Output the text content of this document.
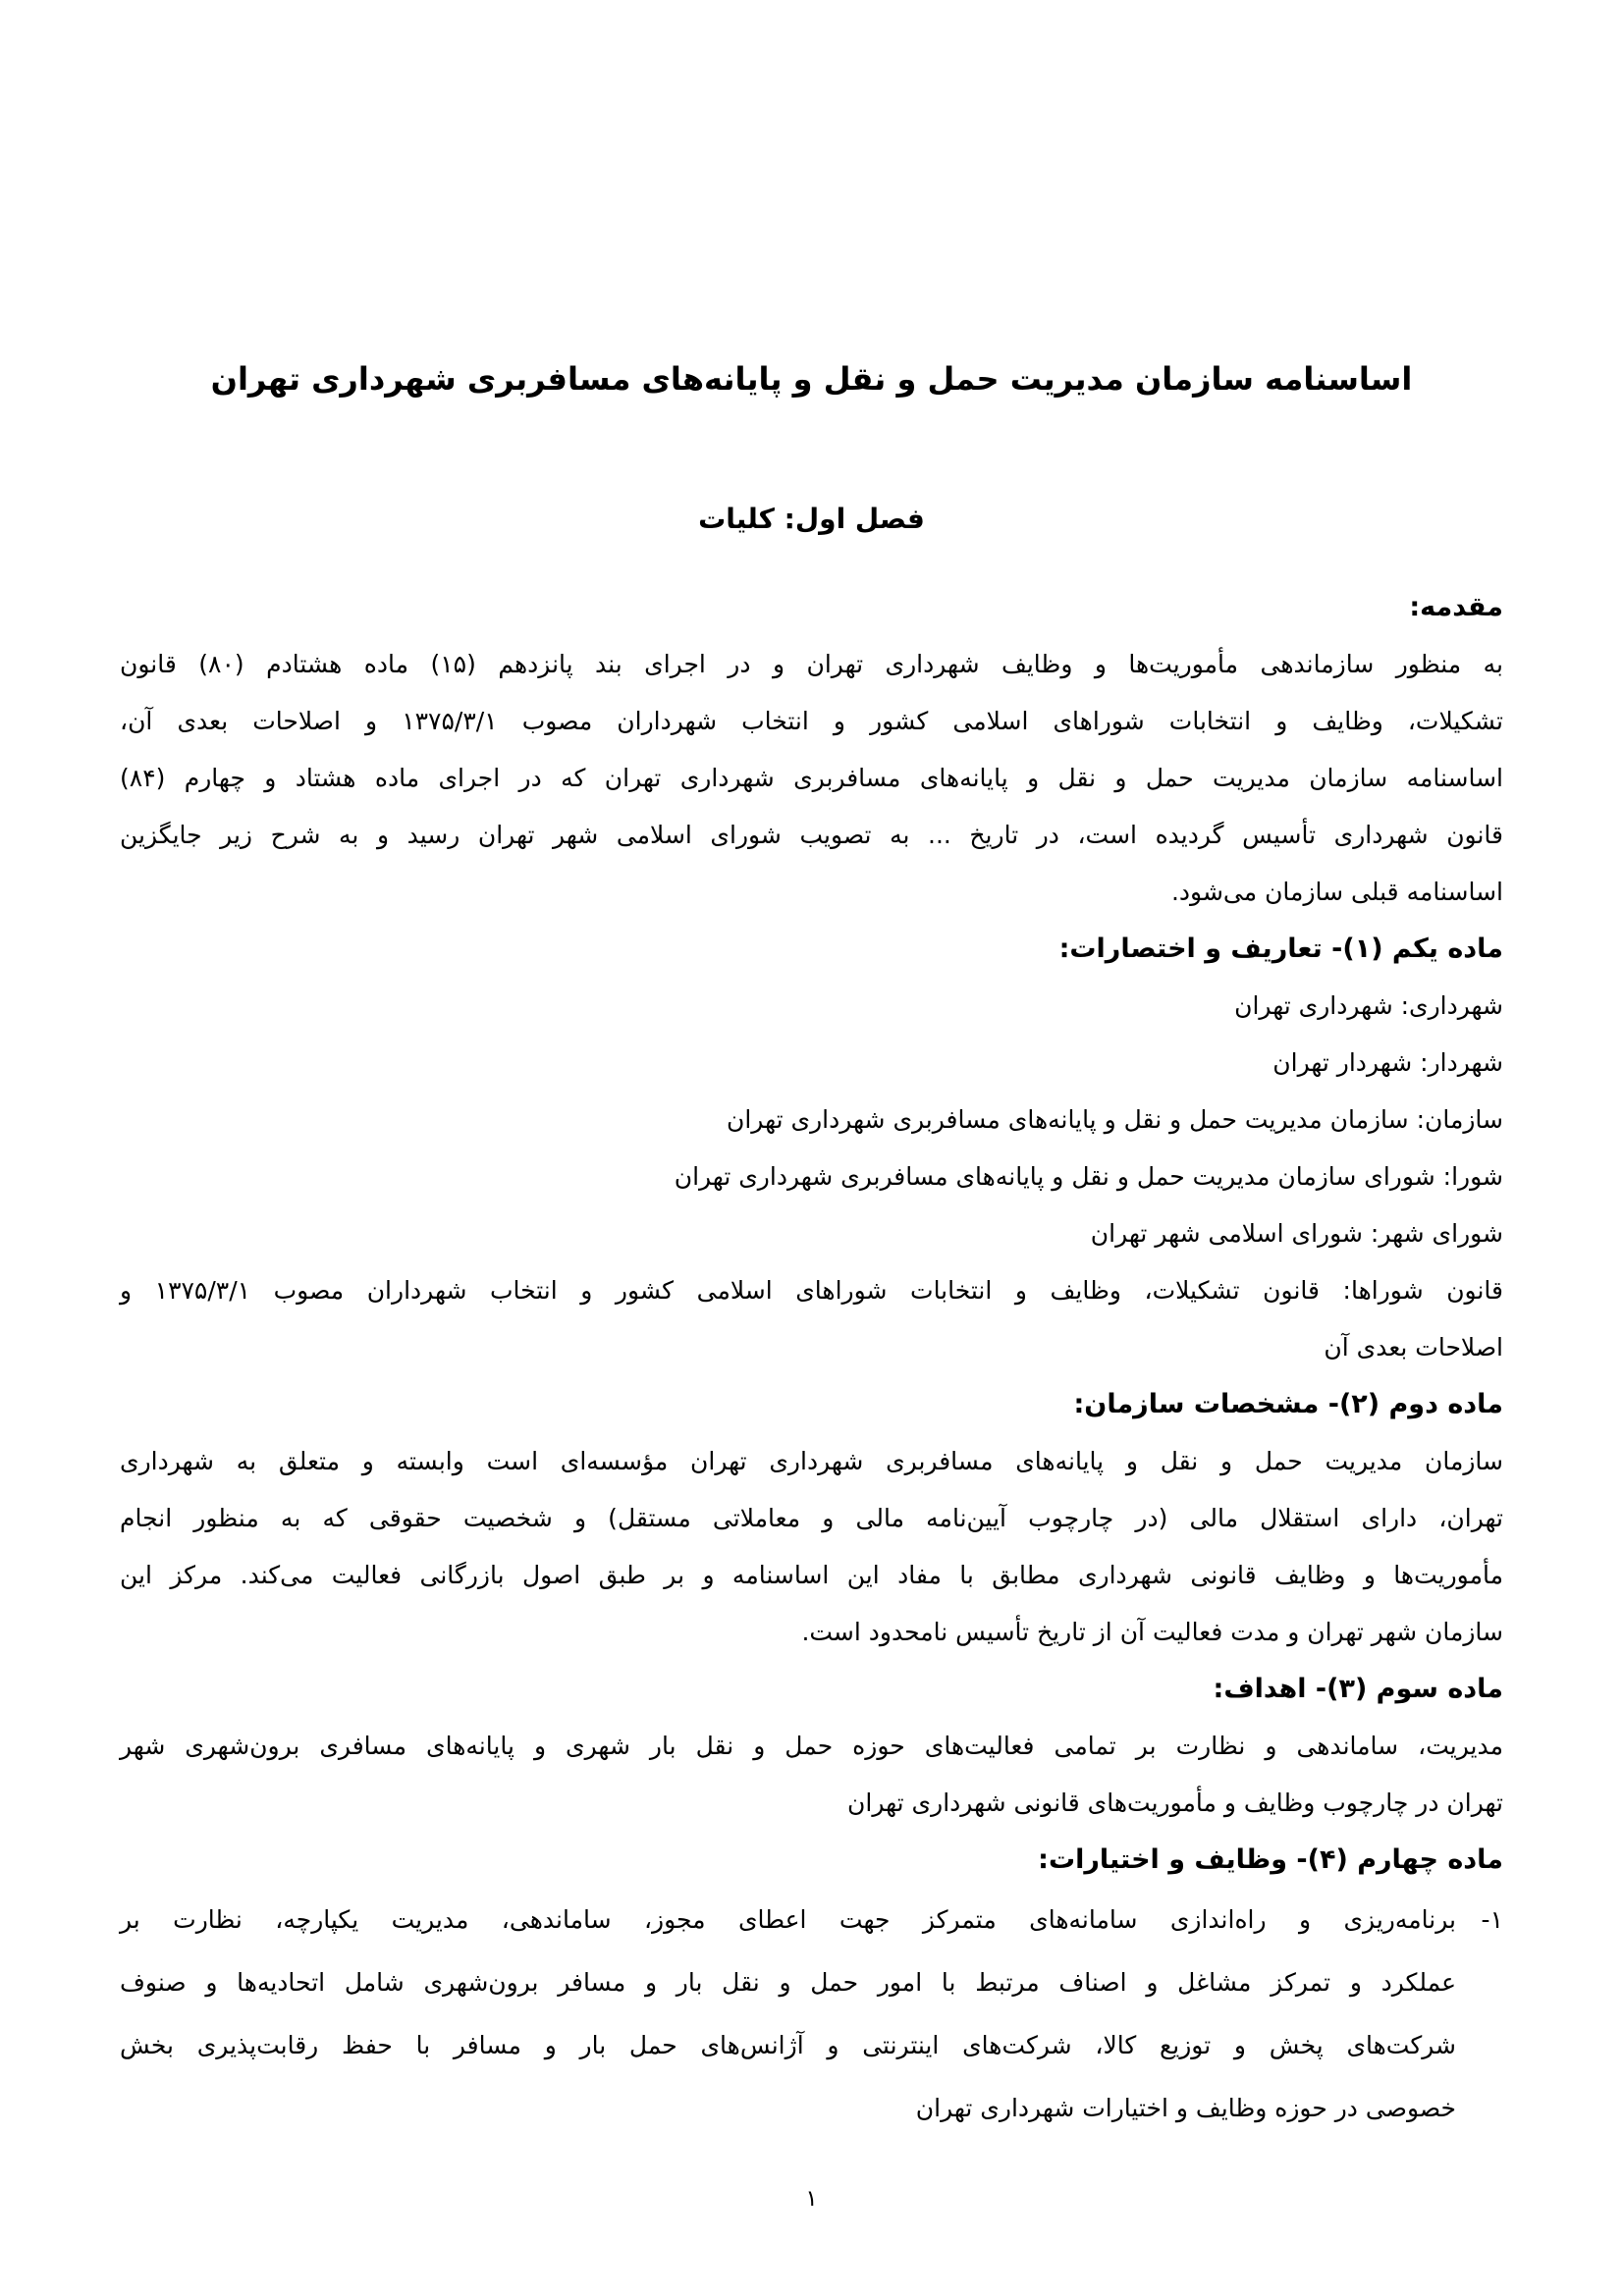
اساسنامه سازمان مدیریت حمل و نقل و پایانه‌های مسافربری شهرداری تهران
فصل اول: کلیات
مقدمه:
به منظور سازماندهی مأموریت‌ها و وظایف شهرداری تهران و در اجرای بند پانزدهم (۱۵) ماده هشتادم (۸۰) قانون
تشکیلات، وظایف و انتخابات شوراهای اسلامی کشور و انتخاب شهرداران مصوب ۱۳۷۵/۳/۱ و اصلاحات بعدی آن،
اساسنامه سازمان مدیریت حمل و نقل و پایانه‌های مسافربری شهرداری تهران که در اجرای ماده هشتاد و چهارم (۸۴)
قانون شهرداری تأسیس گردیده است، در تاریخ ... به تصویب شورای اسلامی شهر تهران رسید و به شرح زیر جایگزین
اساسنامه قبلی سازمان می‌شود.
ماده یکم (۱)- تعاریف و اختصارات:
شهرداری: شهرداری تهران
شهردار: شهردار تهران
سازمان: سازمان مدیریت حمل و نقل و پایانه‌های مسافربری شهرداری تهران
شورا: شورای سازمان مدیریت حمل و نقل و پایانه‌های مسافربری شهرداری تهران
شورای شهر: شورای اسلامی شهر تهران
قانون شوراها: قانون تشکیلات، وظایف و انتخابات شوراهای اسلامی کشور و انتخاب شهرداران مصوب ۱۳۷۵/۳/۱ و
اصلاحات بعدی آن
ماده دوم (۲)- مشخصات سازمان:
سازمان مدیریت حمل و نقل و پایانه‌های مسافربری شهرداری تهران مؤسسه‌ای است وابسته و متعلق به شهرداری
تهران، دارای استقلال مالی (در چارچوب آیین‌نامه مالی و معاملاتی مستقل) و شخصیت حقوقی که به منظور انجام
مأموریت‌ها و وظایف قانونی شهرداری مطابق با مفاد این اساسنامه و بر طبق اصول بازرگانی فعالیت می‌کند. مرکز این
سازمان شهر تهران و مدت فعالیت آن از تاریخ تأسیس نامحدود است.
ماده سوم (۳)- اهداف:
مدیریت، ساماندهی و نظارت بر تمامی فعالیت‌های حوزه حمل و نقل بار شهری و پایانه‌های مسافری برون‌شهری شهر
تهران در چارچوب وظایف و مأموریت‌های قانونی شهرداری تهران
ماده چهارم (۴)- وظایف و اختیارات:
۱-
برنامه‌ریزی و راه‌اندازی سامانه‌های متمرکز جهت اعطای مجوز، ساماندهی، مدیریت یکپارچه، نظارت بر
عملکرد و تمرکز مشاغل و اصناف مرتبط با امور حمل و نقل بار و مسافر برون‌شهری شامل اتحادیه‌ها و صنوف
شرکت‌های پخش و توزیع کالا، شرکت‌های اینترنتی و آژانس‌های حمل بار و مسافر با حفظ رقابت‌پذیری بخش
خصوصی در حوزه وظایف و اختیارات شهرداری تهران
۱
